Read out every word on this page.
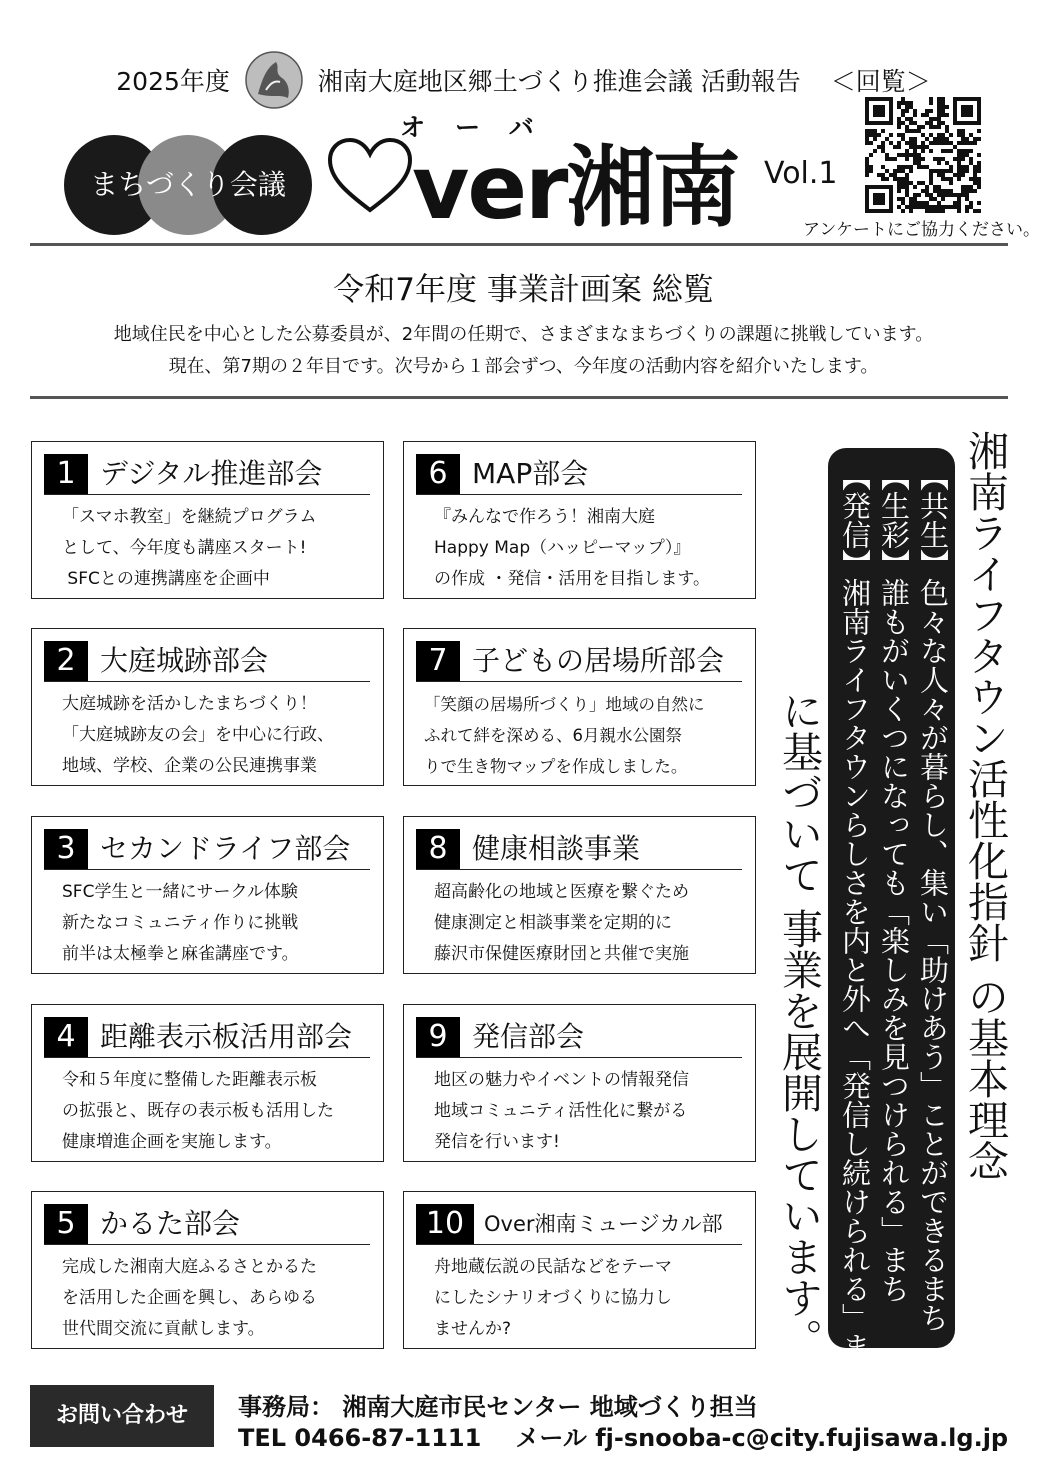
2025年度	湘南大庭地区郷土づくり推進会議 活動報告 ＜回覧＞
まちづくり会議
オーバ
ver湘南 Vol.1
アンケートにご協力ください。
令和7年度 事業計画案 総覧
地域住民を中心とした公募委員が、2年間の任期で、さまざまなまちづくりの課題に挑戦しています。
現在、第7期の２年目です。次号から１部会ずつ、今年度の活動内容を紹介いたします。
1 デジタル推進部会
「スマホ教室」を継続プログラム
として、今年度も講座スタート!
SFCとの連携講座を企画中
2 大庭城跡部会
大庭城跡を活かしたまちづくり！
「大庭城跡友の会」を中心に行政、
地域、学校、企業の公民連携事業
3 セカンドライフ部会
SFC学生と一緒にサークル体験
新たなコミュニティ作りに挑戦
前半は太極拳と麻雀講座です。
4 距離表示板活用部会
令和５年度に整備した距離表示板
の拡張と、既存の表示板も活用した
健康増進企画を実施します。
5 かるた部会
完成した湘南大庭ふるさとかるた
を活用した企画を興し、あらゆる
世代間交流に貢献します。
6 MAP部会
『みんなで作ろう！湘南大庭
Happy Map（ハッピーマップ）』
の作成 ・発信・活用を目指します。
7 子どもの居場所部会
「笑顔の居場所づくり」地域の自然に
ふれて絆を深める、6月親水公園祭
りで生き物マップを作成しました。
8 健康相談事業
超高齢化の地域と医療を繋ぐため
健康測定と相談事業を定期的に
藤沢市保健医療財団と共催で実施
9 発信部会
地区の魅力やイベントの情報発信
地域コミュニティ活性化に繋がる
発信を行います!
10 Over湘南ミュージカル部
舟地蔵伝説の民話などをテーマ
にしたシナリオづくりに協力し
ませんか?
湘南ライフタウン活性化指針 の基本理念
【共生】色々な人々が暮らし、集い「助けあう」ことができるまち
【生彩】誰もがいくつになっても「楽しみを見つけられる」まち
【発信】湘南ライフタウンらしさを内と外へ「発信し続けられる」まち
に基づいて 事業を展開しています。
お問い合わせ	事務局： 湘南大庭市民センター 地域づくり担当
TEL 0466-87-1111 メール fj-snooba-c@city.fujisawa.lg.jp
